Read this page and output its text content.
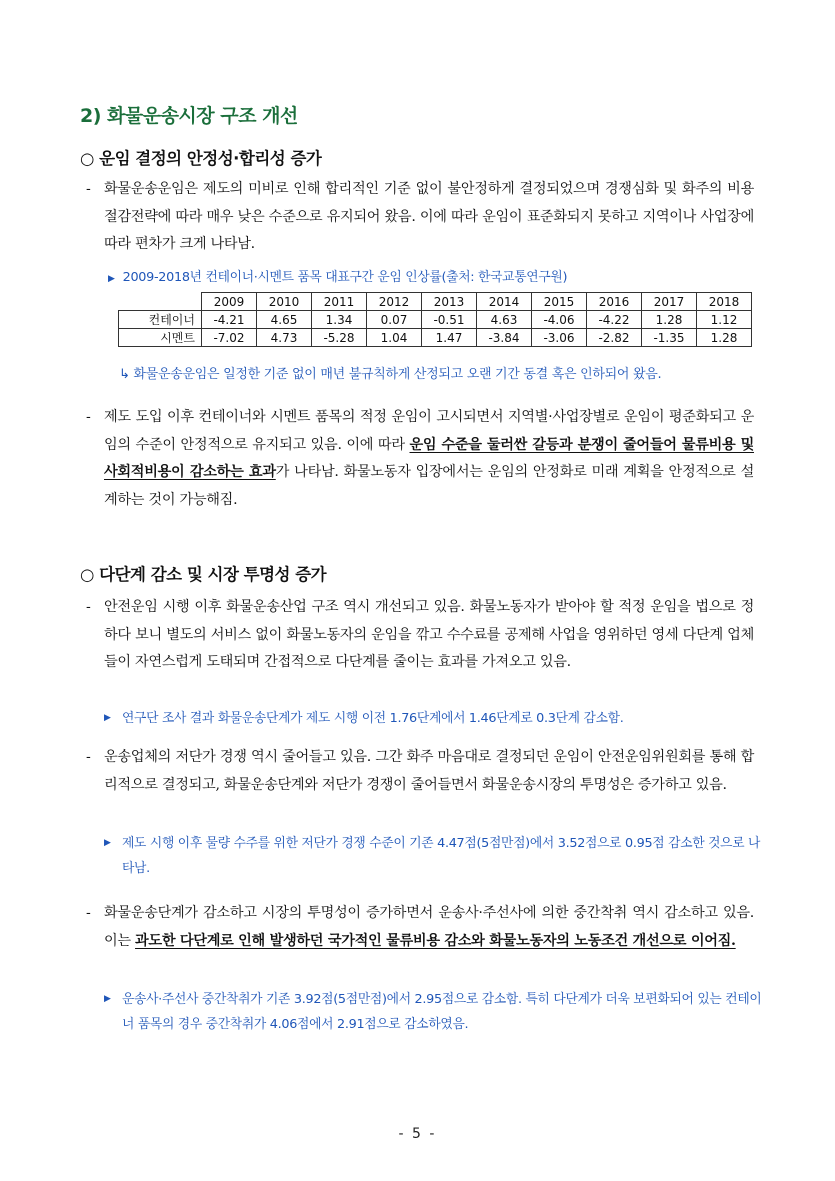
2) 화물운송시장 구조 개선
○ 운임 결정의 안정성·합리성 증가
- 화물운송운임은 제도의 미비로 인해 합리적인 기준 없이 불안정하게 결정되었으며 경쟁심화 및 화주의 비용절감전략에 따라 매우 낮은 수준으로 유지되어 왔음. 이에 따라 운임이 표준화되지 못하고 지역이나 사업장에 따라 편차가 크게 나타남.
▶ 2009-2018년 컨테이너·시멘트 품목 대표구간 운임 인상률(출처: 한국교통연구원)
	2009	2010	2011	2012	2013	2014	2015	2016	2017	2018
컨테이너	-4.21	4.65	1.34	0.07	-0.51	4.63	-4.06	-4.22	1.28	1.12
시멘트	-7.02	4.73	-5.28	1.04	1.47	-3.84	-3.06	-2.82	-1.35	1.28
↳ 화물운송운임은 일정한 기준 없이 매년 불규칙하게 산정되고 오랜 기간 동결 혹은 인하되어 왔음.
- 제도 도입 이후 컨테이너와 시멘트 품목의 적정 운임이 고시되면서 지역별·사업장별로 운임이 평준화되고 운임의 수준이 안정적으로 유지되고 있음. 이에 따라 운임 수준을 둘러싼 갈등과 분쟁이 줄어들어 물류비용 및 사회적비용이 감소하는 효과가 나타남. 화물노동자 입장에서는 운임의 안정화로 미래 계획을 안정적으로 설계하는 것이 가능해짐.
○ 다단계 감소 및 시장 투명성 증가
- 안전운임 시행 이후 화물운송산업 구조 역시 개선되고 있음. 화물노동자가 받아야 할 적정 운임을 법으로 정하다 보니 별도의 서비스 없이 화물노동자의 운임을 깎고 수수료를 공제해 사업을 영위하던 영세 다단계 업체들이 자연스럽게 도태되며 간접적으로 다단계를 줄이는 효과를 가져오고 있음.
▶ 연구단 조사 결과 화물운송단계가 제도 시행 이전 1.76단계에서 1.46단계로 0.3단계 감소함.
- 운송업체의 저단가 경쟁 역시 줄어들고 있음. 그간 화주 마음대로 결정되던 운임이 안전운임위원회를 통해 합리적으로 결정되고, 화물운송단계와 저단가 경쟁이 줄어들면서 화물운송시장의 투명성은 증가하고 있음.
▶ 제도 시행 이후 물량 수주를 위한 저단가 경쟁 수준이 기존 4.47점(5점만점)에서 3.52점으로 0.95점 감소한 것으로 나타남.
- 화물운송단계가 감소하고 시장의 투명성이 증가하면서 운송사·주선사에 의한 중간착취 역시 감소하고 있음. 이는 과도한 다단계로 인해 발생하던 국가적인 물류비용 감소와 화물노동자의 노동조건 개선으로 이어짐.
▶ 운송사·주선사 중간착취가 기존 3.92점(5점만점)에서 2.95점으로 감소함. 특히 다단계가 더욱 보편화되어 있는 컨테이너 품목의 경우 중간착취가 4.06점에서 2.91점으로 감소하였음.
- 5 -
